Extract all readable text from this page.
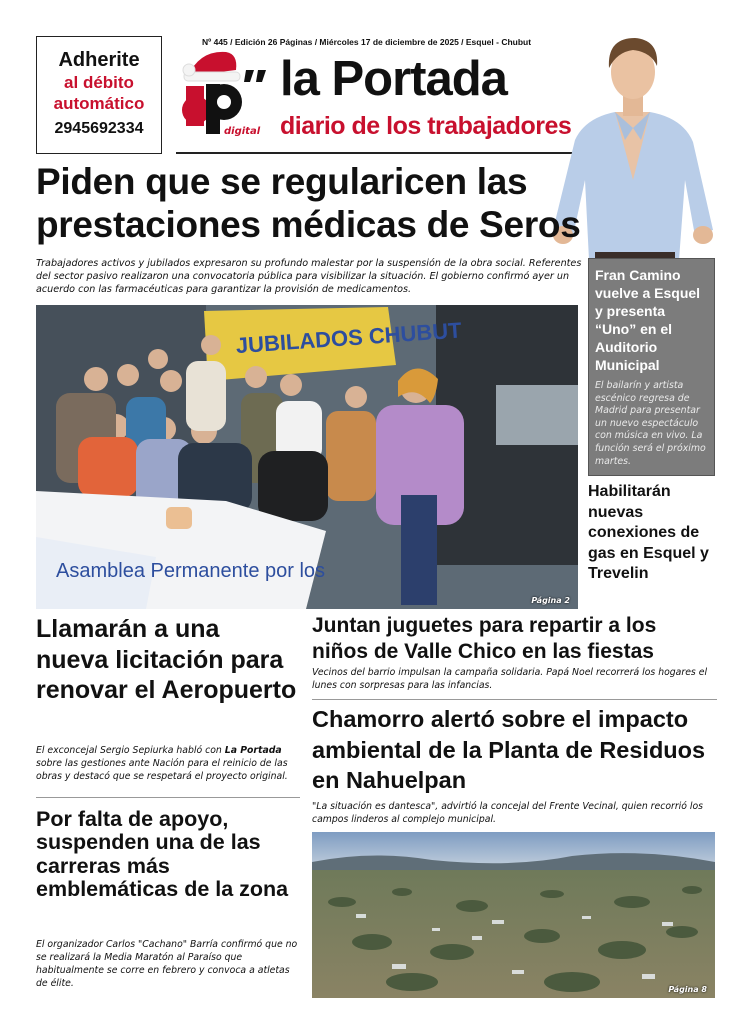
Adherite
al débito
automático
2945692334
Nº 445 / Edición 26 Páginas / Miércoles 17 de diciembre de 2025 / Esquel - Chubut
digital
la Portada
diario de los trabajadores
Piden que se regularicen las prestaciones médicas de Seros
Trabajadores activos y jubilados expresaron su profundo malestar por la suspensión de la obra social. Referentes del sector pasivo realizaron una convocatoria pública para visibilizar la situación. El gobierno confirmó ayer un acuerdo con las farmacéuticas para garantizar la provisión de medicamentos.
JUBILADOS CHUBUT
Asamblea Permanente por los
Página 2
Fran Camino vuelve a Esquel y presenta “Uno” en el Auditorio Municipal
El bailarín y artista escénico regresa de Madrid para presentar un nuevo espectáculo con música en vivo. La función será el próximo martes.
Habilitarán nuevas conexiones de gas en Esquel y Trevelin
Llamarán a una nueva licitación para renovar el Aeropuerto
El exconcejal Sergio Sepiurka habló con La Portada sobre las gestiones ante Nación para el reinicio de las obras y destacó que se respetará el proyecto original.
Por falta de apoyo, suspenden una de las carreras más emblemáticas de la zona
El organizador Carlos "Cachano" Barría confirmó que no se realizará la Media Maratón al Paraíso que habitualmente se corre en febrero y convoca a atletas de élite.
Juntan juguetes para repartir a los niños de Valle Chico en las fiestas
Vecinos del barrio impulsan la campaña solidaria. Papá Noel recorrerá los hogares el lunes con sorpresas para las infancias.
Chamorro alertó sobre el impacto ambiental de la Planta de Residuos en Nahuelpan
"La situación es dantesca", advirtió la concejal del Frente Vecinal, quien recorrió los campos linderos al complejo municipal.
Página 8
